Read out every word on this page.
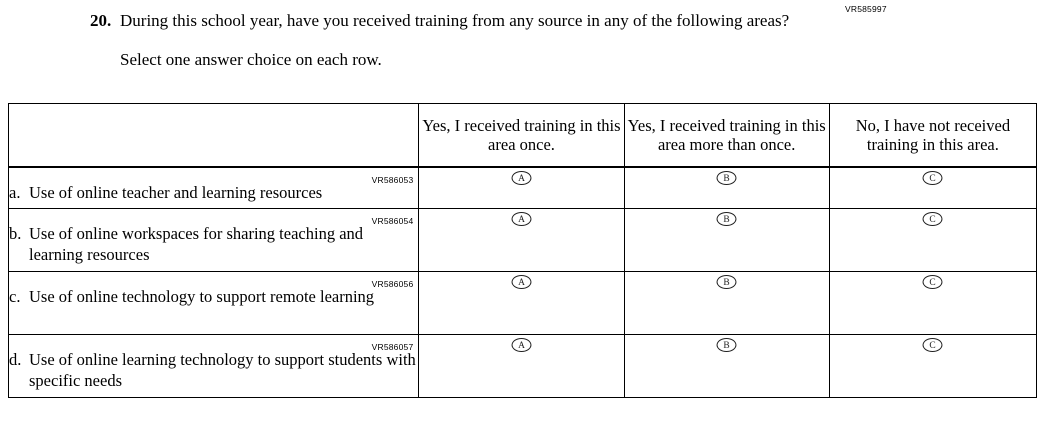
VR585997
20. During this school year, have you received training from any source in any of the following areas?
Select one answer choice on each row.
	Yes, I received training in this area once.	Yes, I received training in this area more than once.	No, I have not received training in this area.

VR586053
a. Use of online teacher and learning resources	A	B	C

VR586054
b. Use of online workspaces for sharing teaching and learning resources	A	B	C

VR586056
c. Use of online technology to support remote learning	A	B	C

VR586057
d. Use of online learning technology to support students with specific needs	A	B	C
